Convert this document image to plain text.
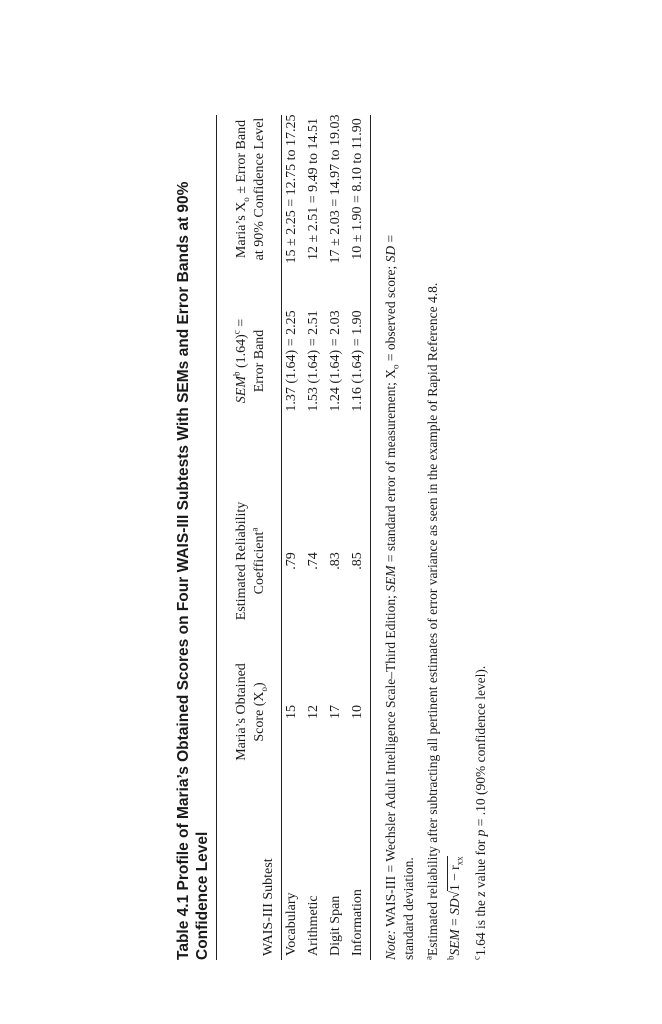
Table 4.1 Profile of Maria’s Obtained Scores on Four WAIS-III Subtests With SEMs and Error Bands at 90% Confidence Level	WAIS-III Subtest
Maria’s Obtained Score $(X_o)$
Estimated Reliability Coefficient$^a$
SEM$^b$ $(1.64)^c$ =
Error Band
Maria’s $X_o$ ± Error Band at 90% Confidence Level
Vocabulary
15
.79
1.37 (1.64) = 2.25
15 ± 2.25 = 12.75 to 17.25
Arithmetic
12
.74
1.53 (1.64) = 2.51
12 ± 2.51 = 9.49 to 14.51
Digit Span
17
.83
1.24 (1.64) = 2.03
17 ± 2.03 = 14.97 to 19.03
Information
10
.85
1.16 (1.64) = 1.90
10 ± 1.90 = 8.10 to 11.90
Note: WAIS-III = Wechsler Adult Intelligence Scale–Third Edition; SEM = standard error of measurement; $X_o$ = observed score; SD =
standard deviation. $^a$Estimated reliability after subtracting all pertinent estimates of error variance as seen in the example of Rapid Reference 4.8.
$^b$SEM = SD√
$1 - r_{xx}$
$^c$1.64 is the z value for p = .10 (90% confidence level).
